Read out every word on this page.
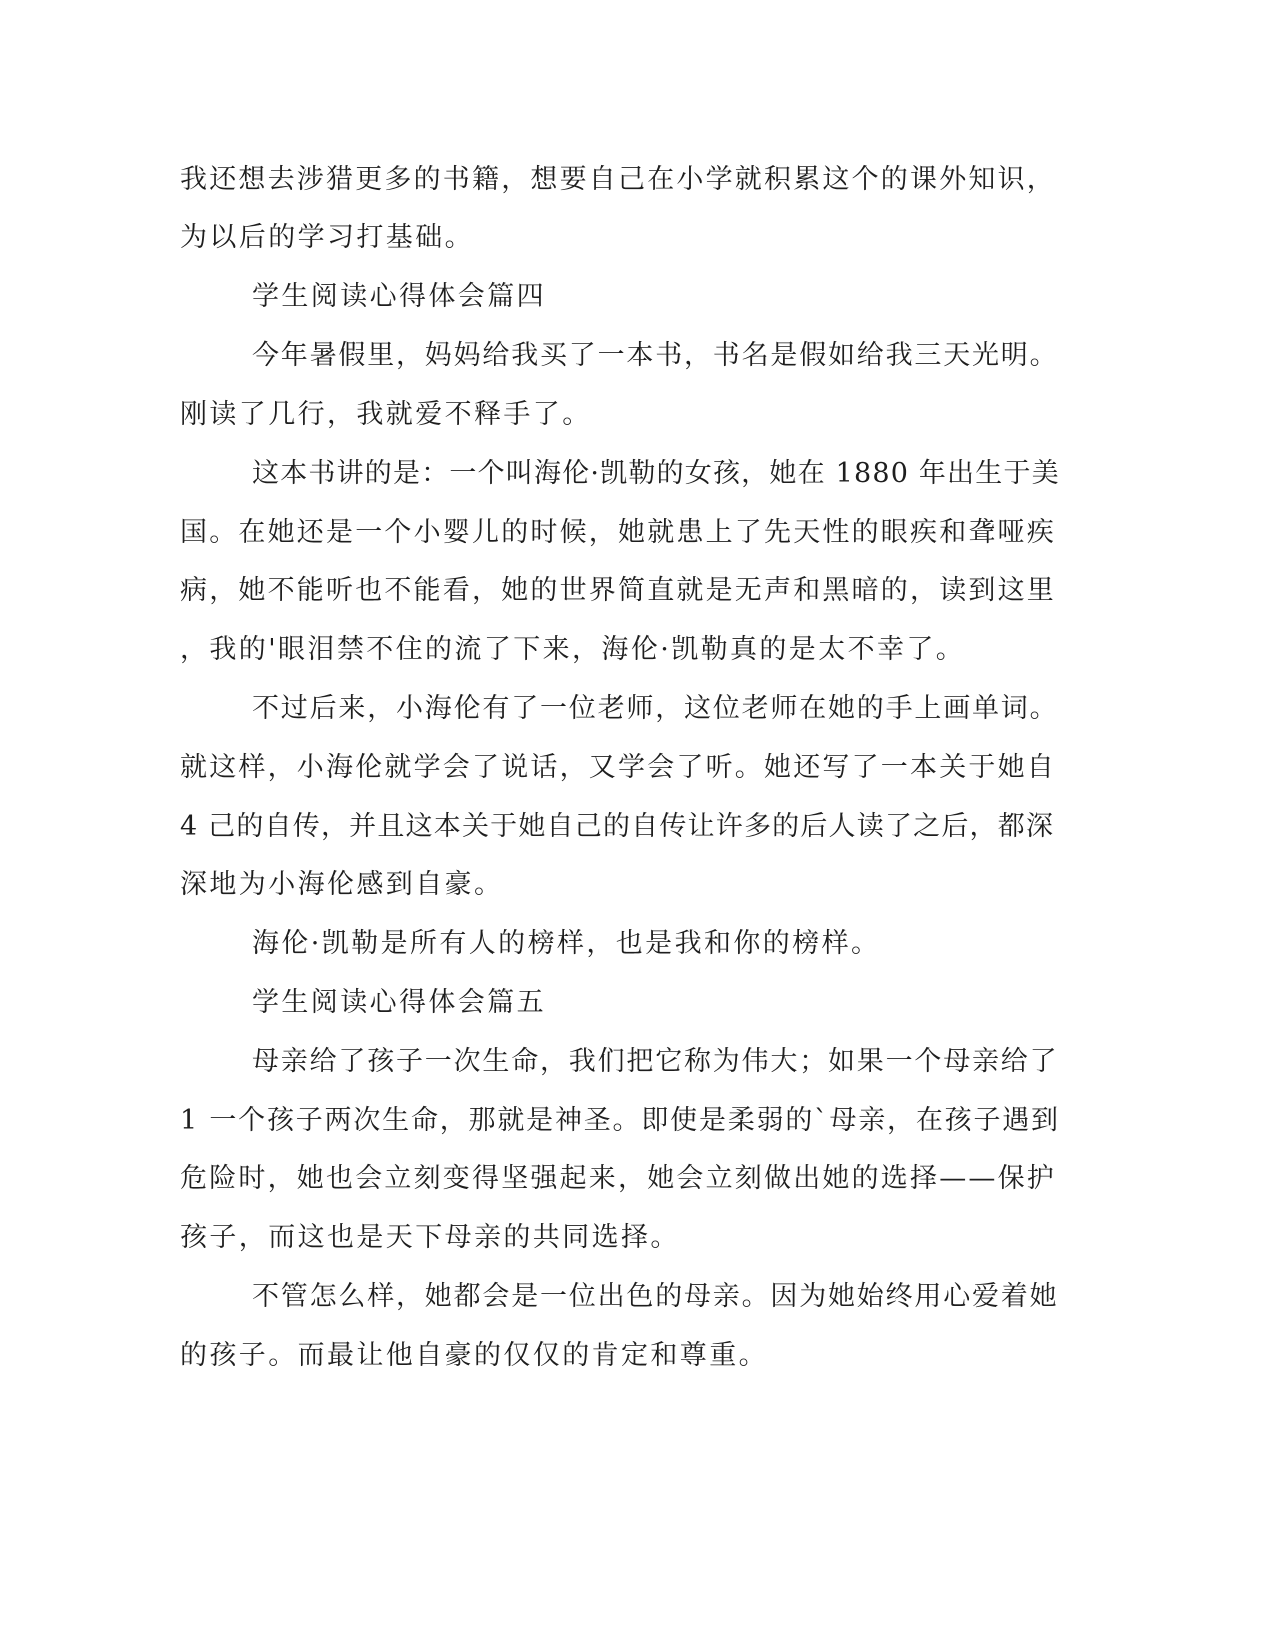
我还想去涉猎更多的书籍，想要自己在小学就积累这个的课外知识，

为以后的学习打基础。

学生阅读心得体会篇四

今年暑假里，妈妈给我买了一本书，书名是假如给我三天光明。

刚读了几行，我就爱不释手了。

这本书讲的是：一个叫海伦·凯勒的女孩，她在 1880 年出生于美

国。在她还是一个小婴儿的时候，她就患上了先天性的眼疾和聋哑疾

病，她不能听也不能看，她的世界简直就是无声和黑暗的，读到这里

，我的'眼泪禁不住的流了下来，海伦·凯勒真的是太不幸了。

不过后来，小海伦有了一位老师，这位老师在她的手上画单词。

就这样，小海伦就学会了说话，又学会了听。她还写了一本关于她自

4 己的自传，并且这本关于她自己的自传让许多的后人读了之后，都深

深地为小海伦感到自豪。

海伦·凯勒是所有人的榜样，也是我和你的榜样。

学生阅读心得体会篇五

母亲给了孩子一次生命，我们把它称为伟大；如果一个母亲给了

1 一个孩子两次生命，那就是神圣。即使是柔弱的`母亲，在孩子遇到

危险时，她也会立刻变得坚强起来，她会立刻做出她的选择——保护

孩子，而这也是天下母亲的共同选择。

不管怎么样，她都会是一位出色的母亲。因为她始终用心爱着她

的孩子。而最让他自豪的仅仅的肯定和尊重。
